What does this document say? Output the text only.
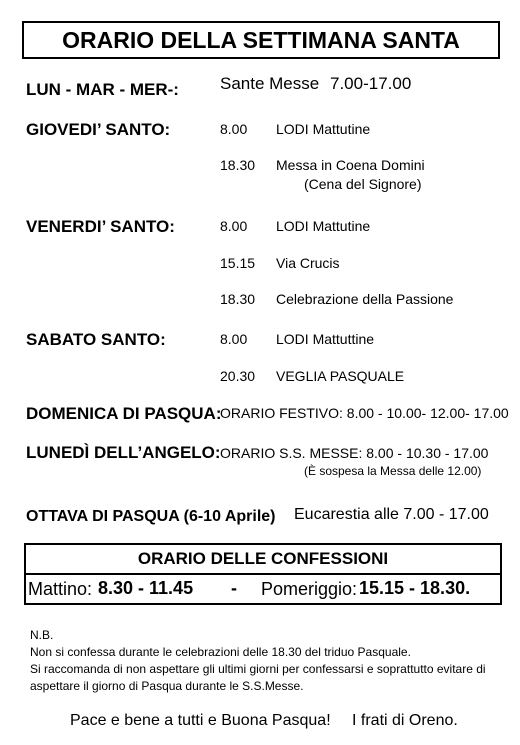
ORARIO DELLA SETTIMANA SANTA
LUN - MAR - MER-: Sante Messe 7.00-17.00
GIOVEDI’ SANTO:	8.00 LODI Mattutine
18.30 Messa in Coena Domini
(Cena del Signore)
VENERDI’ SANTO:	8.00 LODI Mattutine
15.15 Via Crucis
18.30 Celebrazione della Passione
SABATO SANTO:	8.00 LODI Mattuttine
20.30 VEGLIA PASQUALE
DOMENICA DI PASQUA:
ORARIO FESTIVO: 8.00 - 10.00- 12.00- 17.00
LUNEDÌ DELL’ANGELO: ORARIO S.S. MESSE: 8.00 - 10.30 - 17.00
(È sospesa la Messa delle 12.00)
OTTAVA DI PASQUA (6-10 Aprile) Eucarestia alle 7.00 - 17.00
ORARIO DELLE CONFESSIONI
Mattino: 8.30 - 11.45 - Pomeriggio: 15.15 - 18.30.
N.B.
Non si confessa durante le celebrazioni delle 18.30 del triduo Pasquale.
Si raccomanda di non aspettare gli ultimi giorni per confessarsi e soprattutto evitare di
aspettare il giorno di Pasqua durante le S.S.Messe.
Pace e bene a tutti e Buona Pasqua! I frati di Oreno.
